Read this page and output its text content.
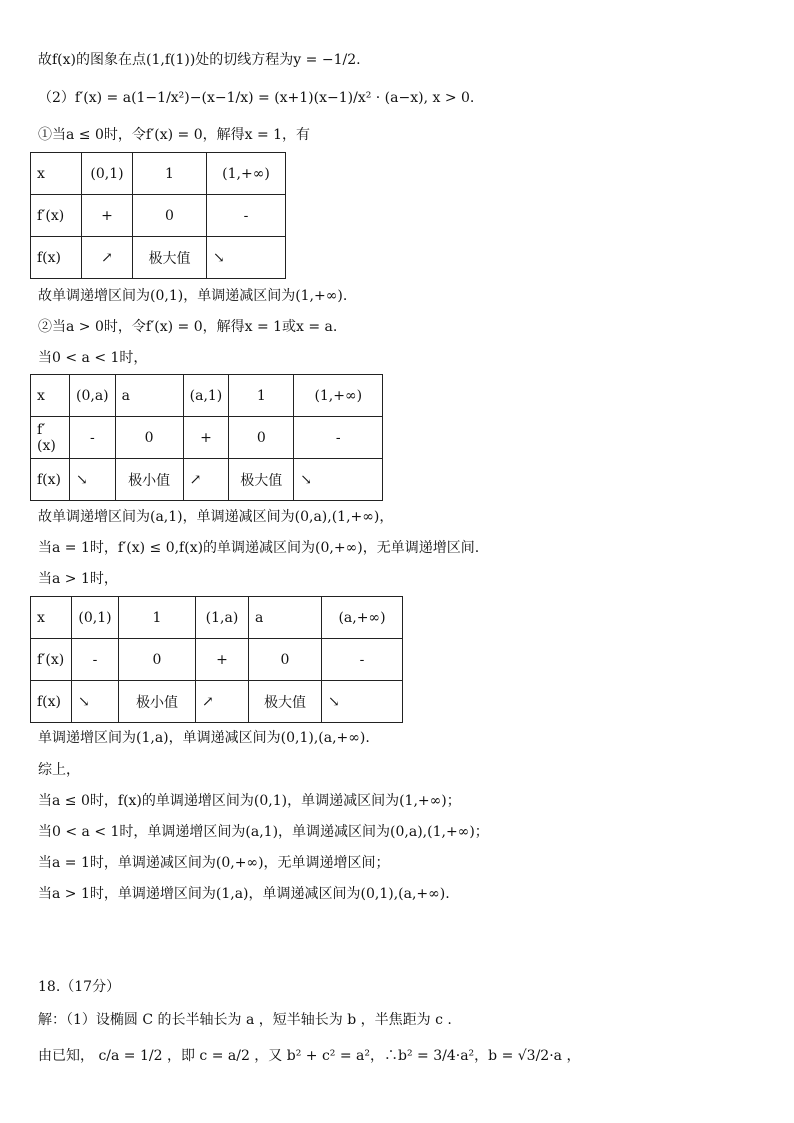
故f(x)的图象在点(1,f(1))处的切线方程为y = −1/2.
（2）f′(x) = a(1−1/x²)−(x−1/x) = (x+1)(x−1)/x² · (a−x), x > 0.
①当a ≤ 0时，令f′(x) = 0，解得x = 1，有
x	(0,1)	1	(1,+∞)
f′(x)	+	0	-
f(x)	↗	极大值	↘
故单调递增区间为(0,1)，单调递减区间为(1,+∞).
②当a > 0时，令f′(x) = 0，解得x = 1或x = a.
当0 < a < 1时，
x	(0,a)	a	(a,1)	1	(1,+∞)
f′(x)	-	0	+	0	-
f(x)	↘	极小值	↗	极大值	↘
故单调递增区间为(a,1)，单调递减区间为(0,a),(1,+∞)，
当a = 1时，f′(x) ≤ 0,f(x)的单调递减区间为(0,+∞)，无单调递增区间.
当a > 1时，
x	(0,1)	1	(1,a)	a	(a,+∞)
f′(x)	-	0	+	0	-
f(x)	↘	极小值	↗	极大值	↘
单调递增区间为(1,a)，单调递减区间为(0,1),(a,+∞).
综上，
当a ≤ 0时，f(x)的单调递增区间为(0,1)，单调递减区间为(1,+∞)；
当0 < a < 1时，单调递增区间为(a,1)，单调递减区间为(0,a),(1,+∞)；
当a = 1时，单调递减区间为(0,+∞)，无单调递增区间；
当a > 1时，单调递增区间为(1,a)，单调递减区间为(0,1),(a,+∞).
18.（17分）
解：（1）设椭圆 C 的长半轴长为 a ，短半轴长为 b ，半焦距为 c .
由已知， c/a = 1/2 ，即 c = a/2 ，又 b² + c² = a²，∴b² = 3/4·a²，b = √3/2·a ，
